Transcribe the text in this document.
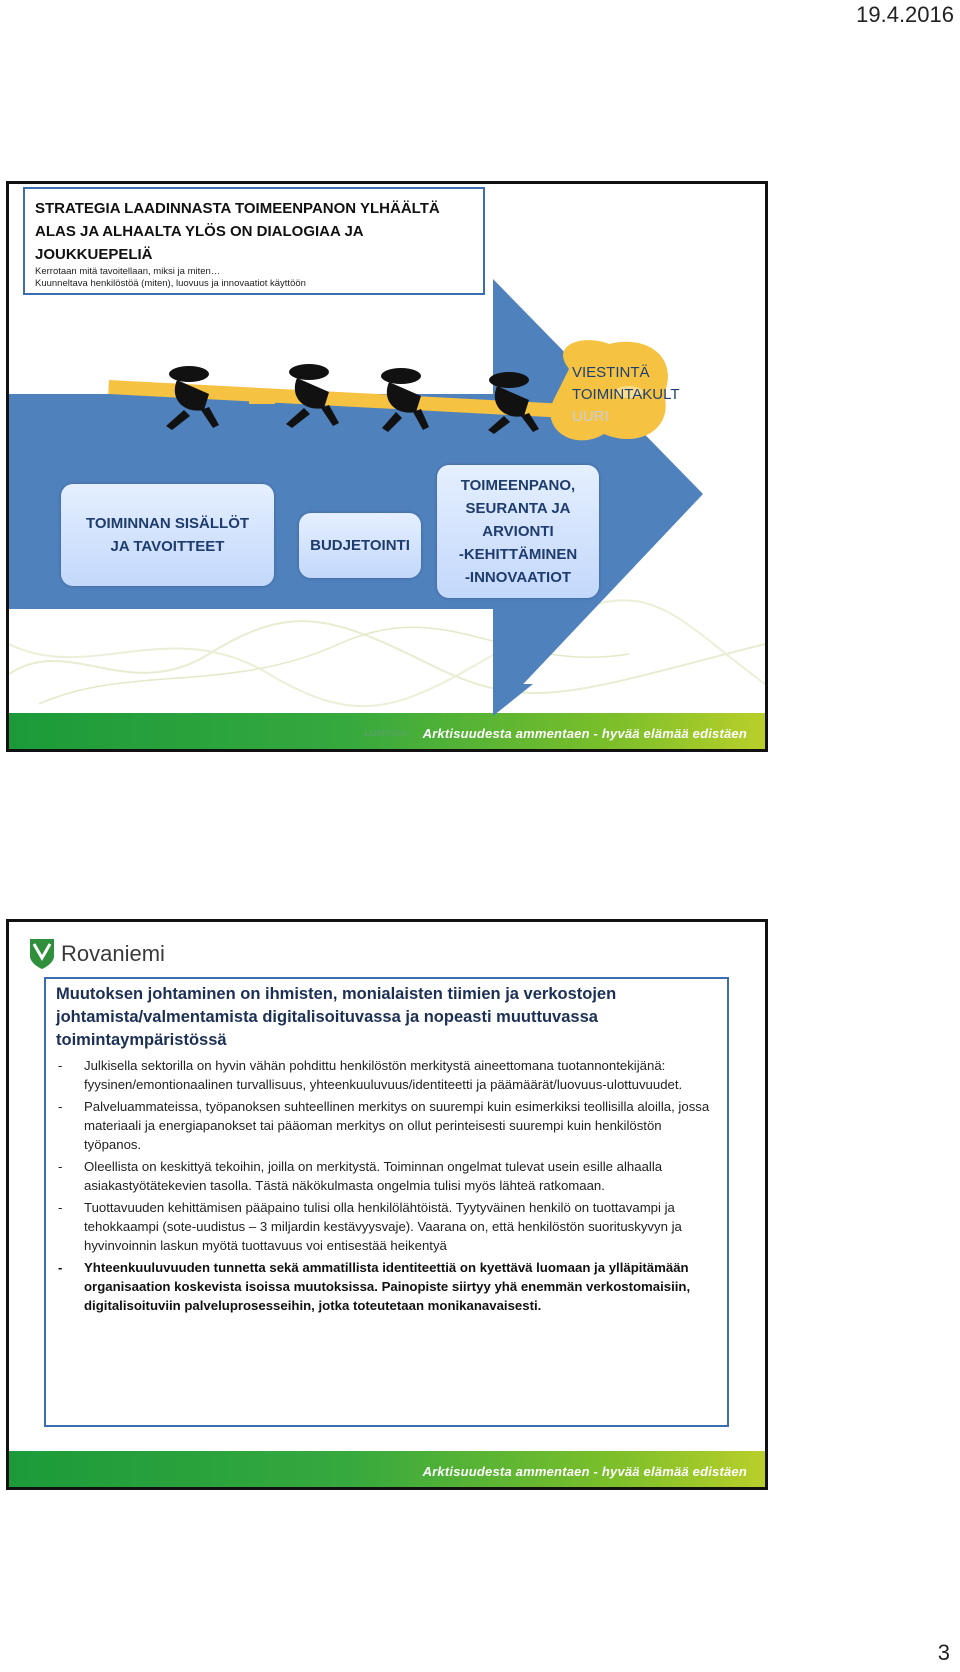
19.4.2016
STRATEGIA LAADINNASTA TOIMEENPANON YLHÄÄLTÄ ALAS JA ALHAALTA YLÖS ON DIALOGIAA JA JOUKKUEPELIÄ
Kerrotaan mitä tavoitellaan, miksi ja miten…
Kuunneltava henkilöstöä (miten), luovuus ja innovaatiot käyttöön
VIESTINTÄ
TOIMINTAKULT
UURI
TOIMINNAN SISÄLLÖT
JA TAVOITTEET	BUDJETOINTI
TOIMEENPANO,
SEURANTA JA
ARVIONTI
-KEHITTÄMINEN
-INNOVAATIOT
Luonnos Arktisuudesta ammentaen - hyvää elämää edistäen
Rovaniemi
Muutoksen johtaminen on ihmisten, monialaisten tiimien ja verkostojen johtamista/valmentamista digitalisoituvassa ja nopeasti muuttuvassa toimintaympäristössä
- Julkisella sektorilla on hyvin vähän pohdittu henkilöstön merkitystä aineettomana tuotannontekijänä: fyysinen/emontionaalinen turvallisuus, yhteenkuuluvuus/identiteetti ja päämäärät/luovuus-ulottuvuudet.
- Palveluammateissa, työpanoksen suhteellinen merkitys on suurempi kuin esimerkiksi teollisilla aloilla, jossa materiaali ja energiapanokset tai pääoman merkitys on ollut perinteisesti suurempi kuin henkilöstön työpanos.
- Oleellista on keskittyä tekoihin, joilla on merkitystä. Toiminnan ongelmat tulevat usein esille alhaalla asiakastyötätekevien tasolla. Tästä näkökulmasta ongelmia tulisi myös lähteä ratkomaan.
- Tuottavuuden kehittämisen pääpaino tulisi olla henkilölähtöistä. Tyytyväinen henkilö on tuottavampi ja tehokkaampi (sote-uudistus – 3 miljardin kestävyysvaje). Vaarana on, että henkilöstön suorituskyvyn ja hyvinvoinnin laskun myötä tuottavuus voi entisestää heikentyä
- Yhteenkuuluvuuden tunnetta sekä ammatillista identiteettiä on kyettävä luomaan ja ylläpitämään organisaation koskevista isoissa muutoksissa. Painopiste siirtyy yhä enemmän verkostomaisiin, digitalisoituviin palveluprosesseihin, jotka toteutetaan monikanavaisesti.
Arktisuudesta ammentaen - hyvää elämää edistäen
3
